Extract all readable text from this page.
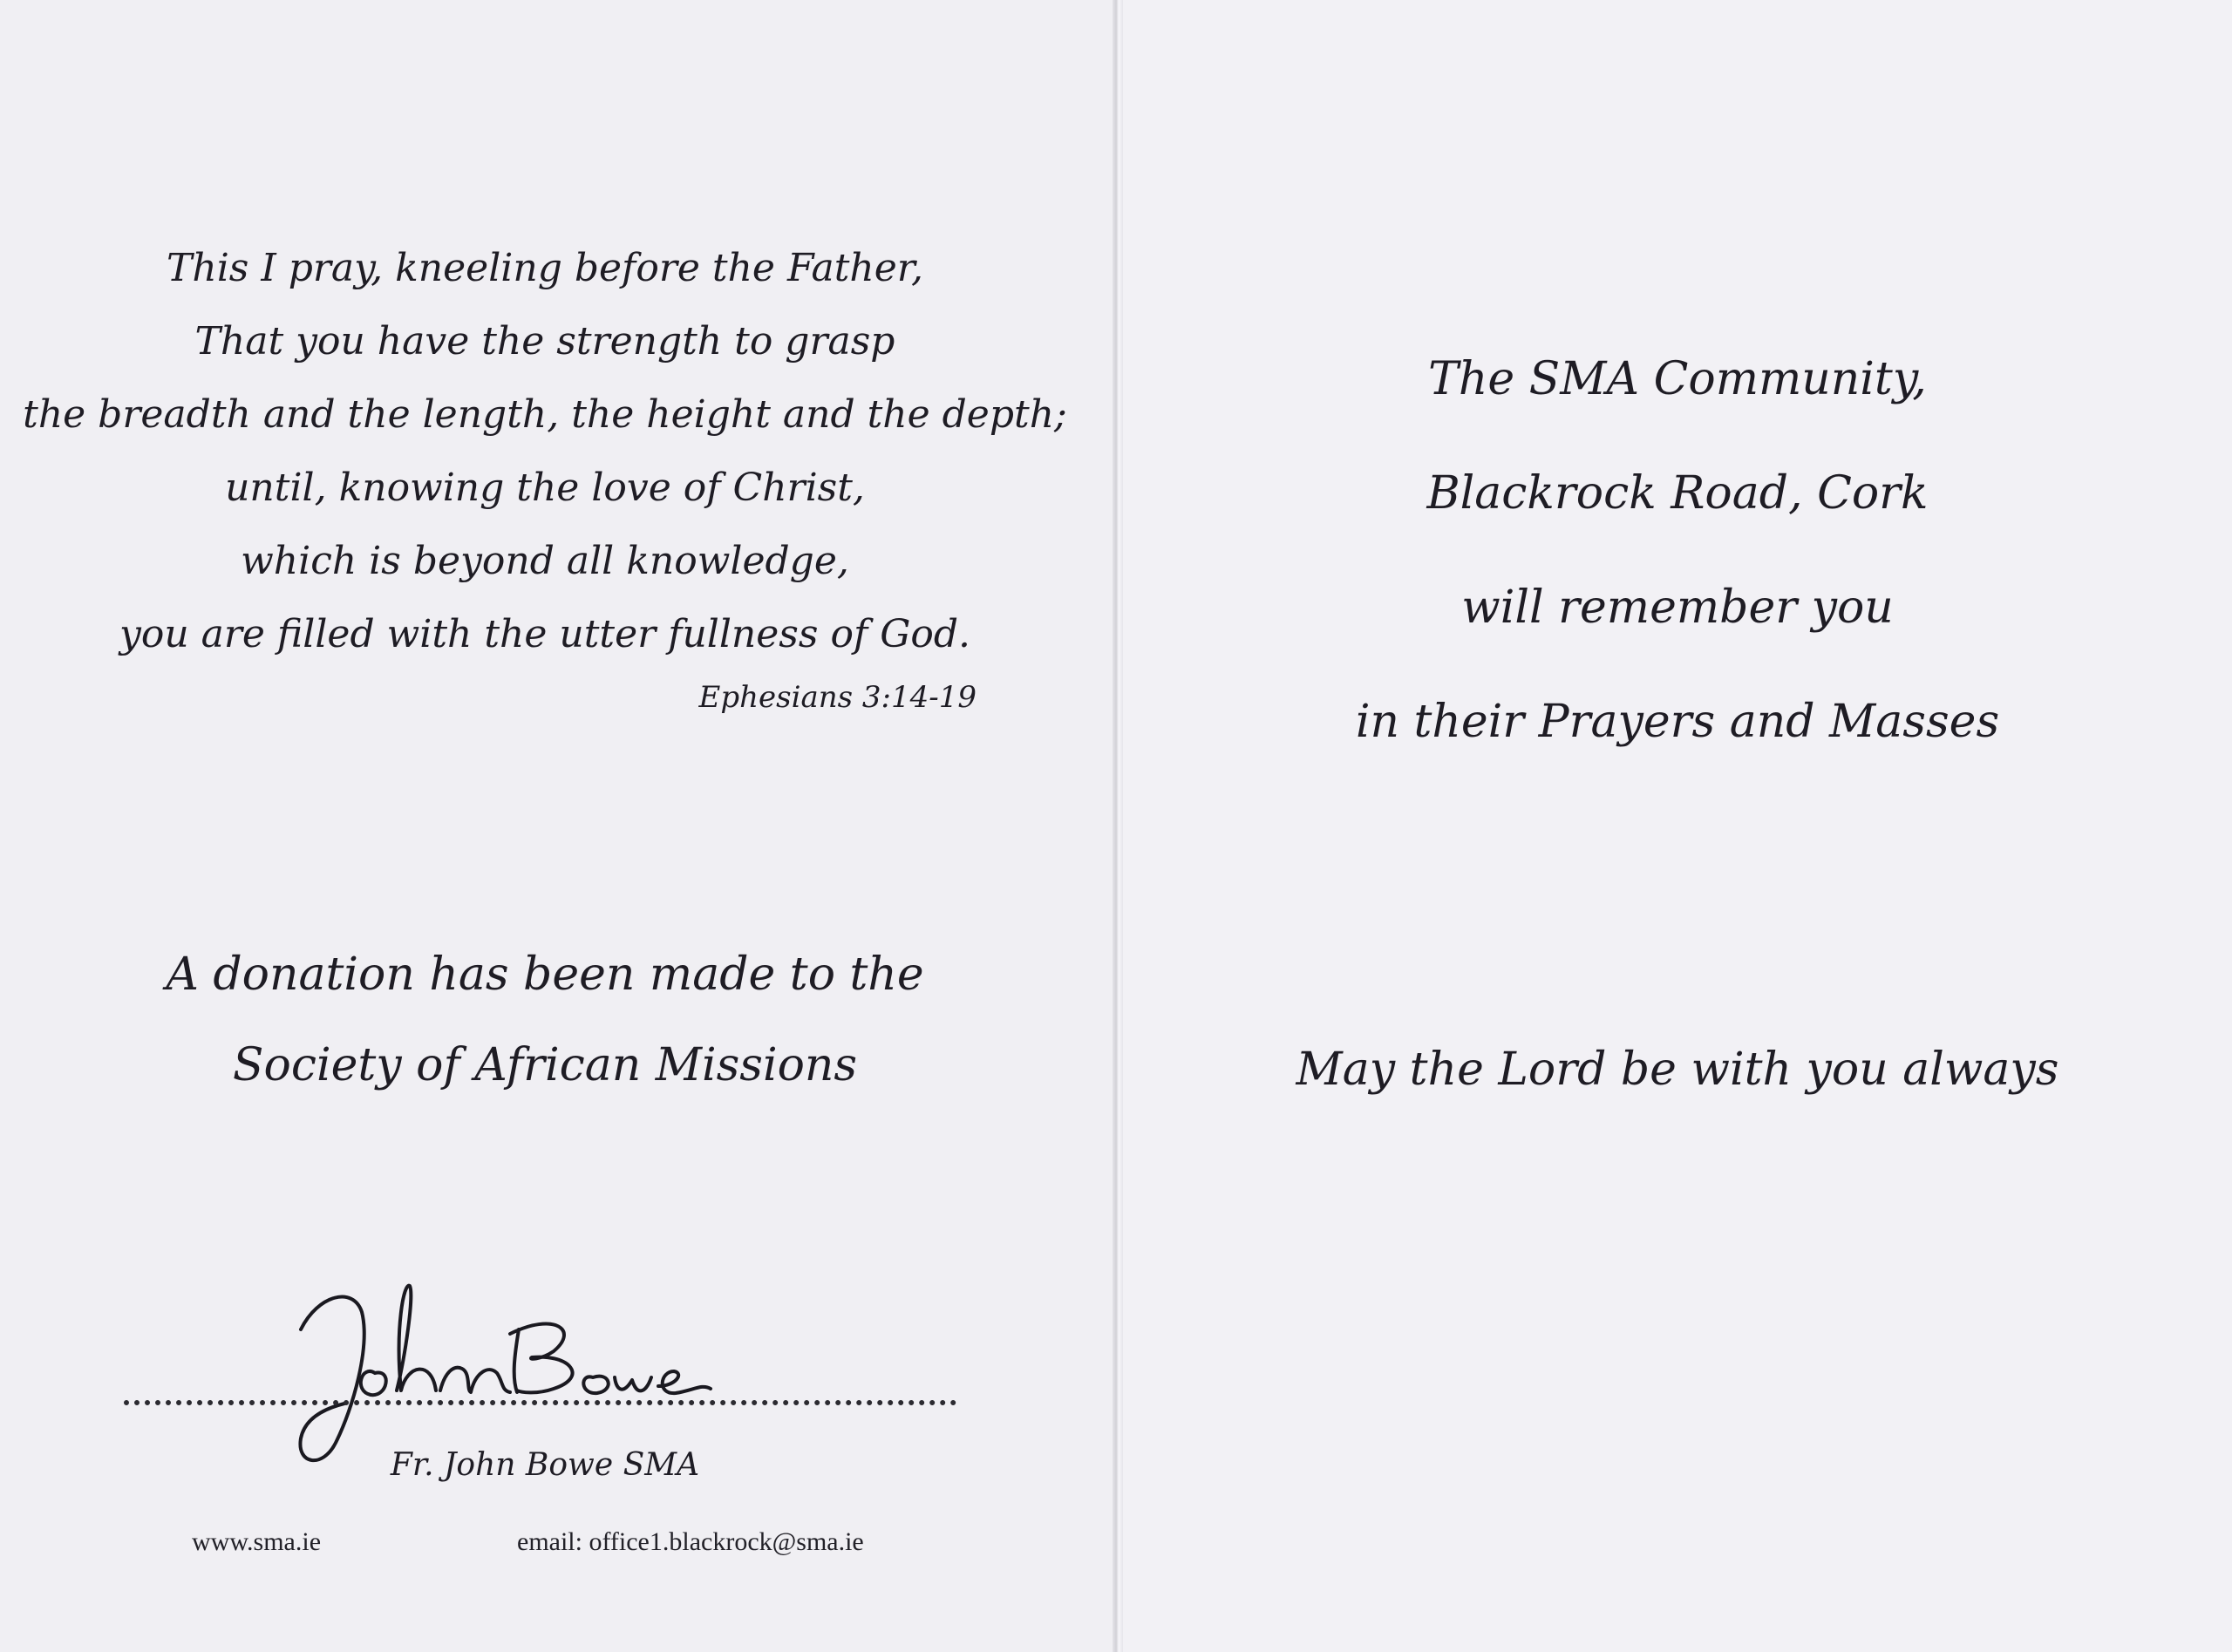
This I pray, kneeling before the Father,
That you have the strength to grasp
the breadth and the length, the height and the depth;
until, knowing the love of Christ,
which is beyond all knowledge,
you are filled with the utter fullness of God.
Ephesians 3:14-19
A donation has been made to the
Society of African Missions
Fr. John Bowe SMA
www.sma.ie	email: office1.blackrock@sma.ie
The SMA Community,
Blackrock Road, Cork
will remember you
in their Prayers and Masses
May the Lord be with you always
